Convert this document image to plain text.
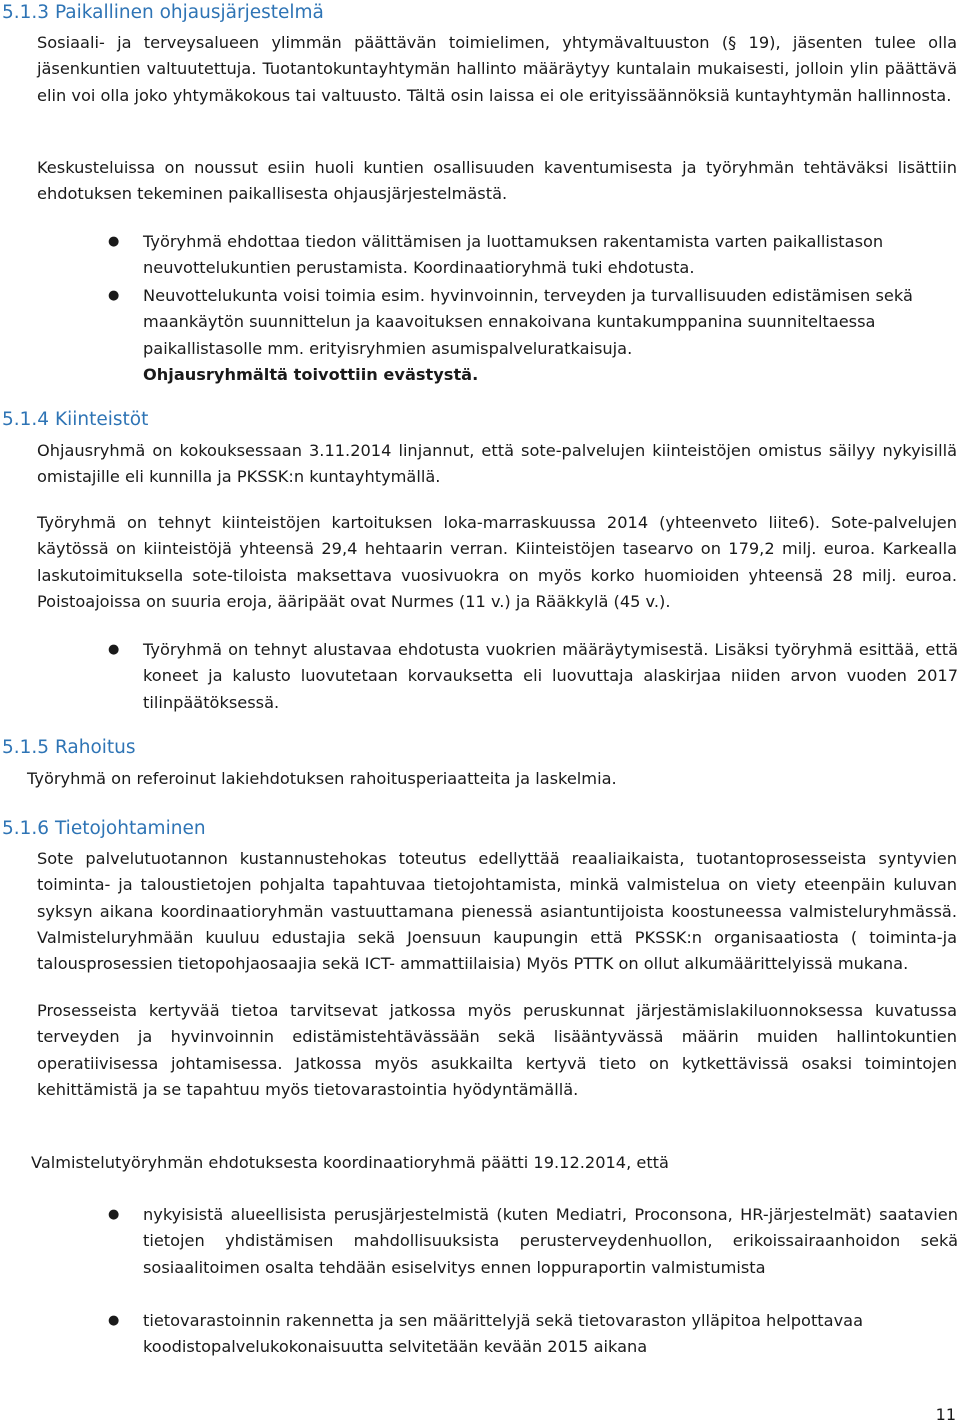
5.1.3 Paikallinen ohjausjärjestelmä

Sosiaali- ja terveysalueen ylimmän päättävän toimielimen, yhtymävaltuuston (§ 19), jäsenten tulee olla jäsenkuntien valtuutettuja. Tuotantokuntayhtymän hallinto määräytyy kuntalain mukaisesti, jolloin ylin päättävä elin voi olla joko yhtymäkokous tai valtuusto. Tältä osin laissa ei ole erityissäännöksiä kuntayhtymän hallinnosta.

Keskusteluissa on noussut esiin huoli kuntien osallisuuden kaventumisesta ja työryhmän tehtäväksi lisättiin ehdotuksen tekeminen paikallisesta ohjausjärjestelmästä.

● Työryhmä ehdottaa tiedon välittämisen ja luottamuksen rakentamista varten paikallistason neuvottelukuntien perustamista. Koordinaatioryhmä tuki ehdotusta.

● Neuvottelukunta voisi toimia esim. hyvinvoinnin, terveyden ja turvallisuuden edistämisen sekä maankäytön suunnittelun ja kaavoituksen ennakoivana kuntakumppanina suunniteltaessa paikallistasolle mm. erityisryhmien asumispalveluratkaisuja.
Ohjausryhmältä toivottiin evästystä.

5.1.4 Kiinteistöt

Ohjausryhmä on kokouksessaan 3.11.2014 linjannut, että sote-palvelujen kiinteistöjen omistus säilyy nykyisillä omistajille eli kunnilla ja PKSSK:n kuntayhtymällä.

Työryhmä on tehnyt kiinteistöjen kartoituksen loka-marraskuussa 2014 (yhteenveto liite6). Sote-palvelujen käytössä on kiinteistöjä yhteensä 29,4 hehtaarin verran. Kiinteistöjen tasearvo on 179,2 milj. euroa. Karkealla laskutoimituksella sote-tiloista maksettava vuosivuokra on myös korko huomioiden yhteensä 28 milj. euroa. Poistoajoissa on suuria eroja, ääripäät ovat Nurmes (11 v.) ja Rääkkylä (45 v.).

● Työryhmä on tehnyt alustavaa ehdotusta vuokrien määräytymisestä. Lisäksi työryhmä esittää, että koneet ja kalusto luovutetaan korvauksetta eli luovuttaja alaskirjaa niiden arvon vuoden 2017 tilinpäätöksessä.

5.1.5 Rahoitus

Työryhmä on referoinut lakiehdotuksen rahoitusperiaatteita ja laskelmia.

5.1.6 Tietojohtaminen

Sote palvelutuotannon kustannustehokas toteutus edellyttää reaaliaikaista, tuotantoprosesseista syntyvien toiminta- ja taloustietojen pohjalta tapahtuvaa tietojohtamista, minkä valmistelua on viety eteenpäin kuluvan syksyn aikana koordinaatioryhmän vastuuttamana pienessä asiantuntijoista koostuneessa valmisteluryhmässä. Valmisteluryhmään kuuluu edustajia sekä Joensuun kaupungin että PKSSK:n organisaatiosta ( toiminta-ja talousprosessien tietopohjaosaajia sekä ICT- ammattiilaisia) Myös PTTK on ollut alkumäärittelyissä mukana.

Prosesseista kertyvää tietoa tarvitsevat jatkossa myös peruskunnat järjestämislakiluonnoksessa kuvatussa terveyden ja hyvinvoinnin edistämistehtävässään sekä lisääntyvässä määrin muiden hallintokuntien operatiivisessa johtamisessa. Jatkossa myös asukkailta kertyvä tieto on kytkettävissä osaksi toimintojen kehittämistä ja se tapahtuu myös tietovarastointia hyödyntämällä.

Valmistelutyöryhmän ehdotuksesta koordinaatioryhmä päätti 19.12.2014, että

● nykyisistä alueellisista perusjärjestelmistä (kuten Mediatri, Proconsona, HR-järjestelmät) saatavien tietojen yhdistämisen mahdollisuuksista perusterveydenhuollon, erikoissairaanhoidon sekä sosiaalitoimen osalta tehdään esiselvitys ennen loppuraportin valmistumista

● tietovarastoinnin rakennetta ja sen määrittelyjä sekä tietovaraston ylläpitoa helpottavaa koodistopalvelukokonaisuutta selvitetään kevään 2015 aikana

11
